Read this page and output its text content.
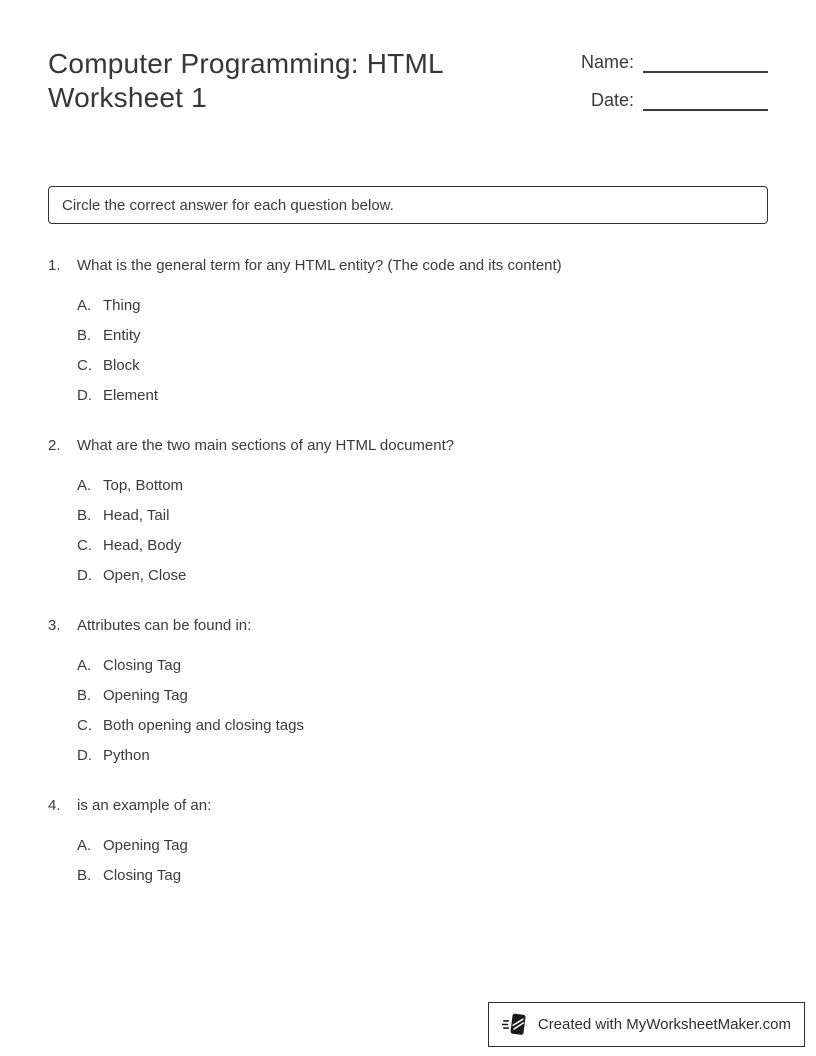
Computer Programming: HTML Worksheet 1
Name:
Date:
Circle the correct answer for each question below.
1.	What is the general term for any HTML entity? (The code and its content)
A. Thing
B. Entity
C. Block
D. Element
2.	What are the two main sections of any HTML document?
A. Top, Bottom
B. Head, Tail
C. Head, Body
D. Open, Close
3.	Attributes can be found in:
A. Closing Tag
B. Opening Tag
C. Both opening and closing tags
D. Python
4.	is an example of an:
A. Opening Tag
B. Closing Tag
Created with MyWorksheetMaker.com
